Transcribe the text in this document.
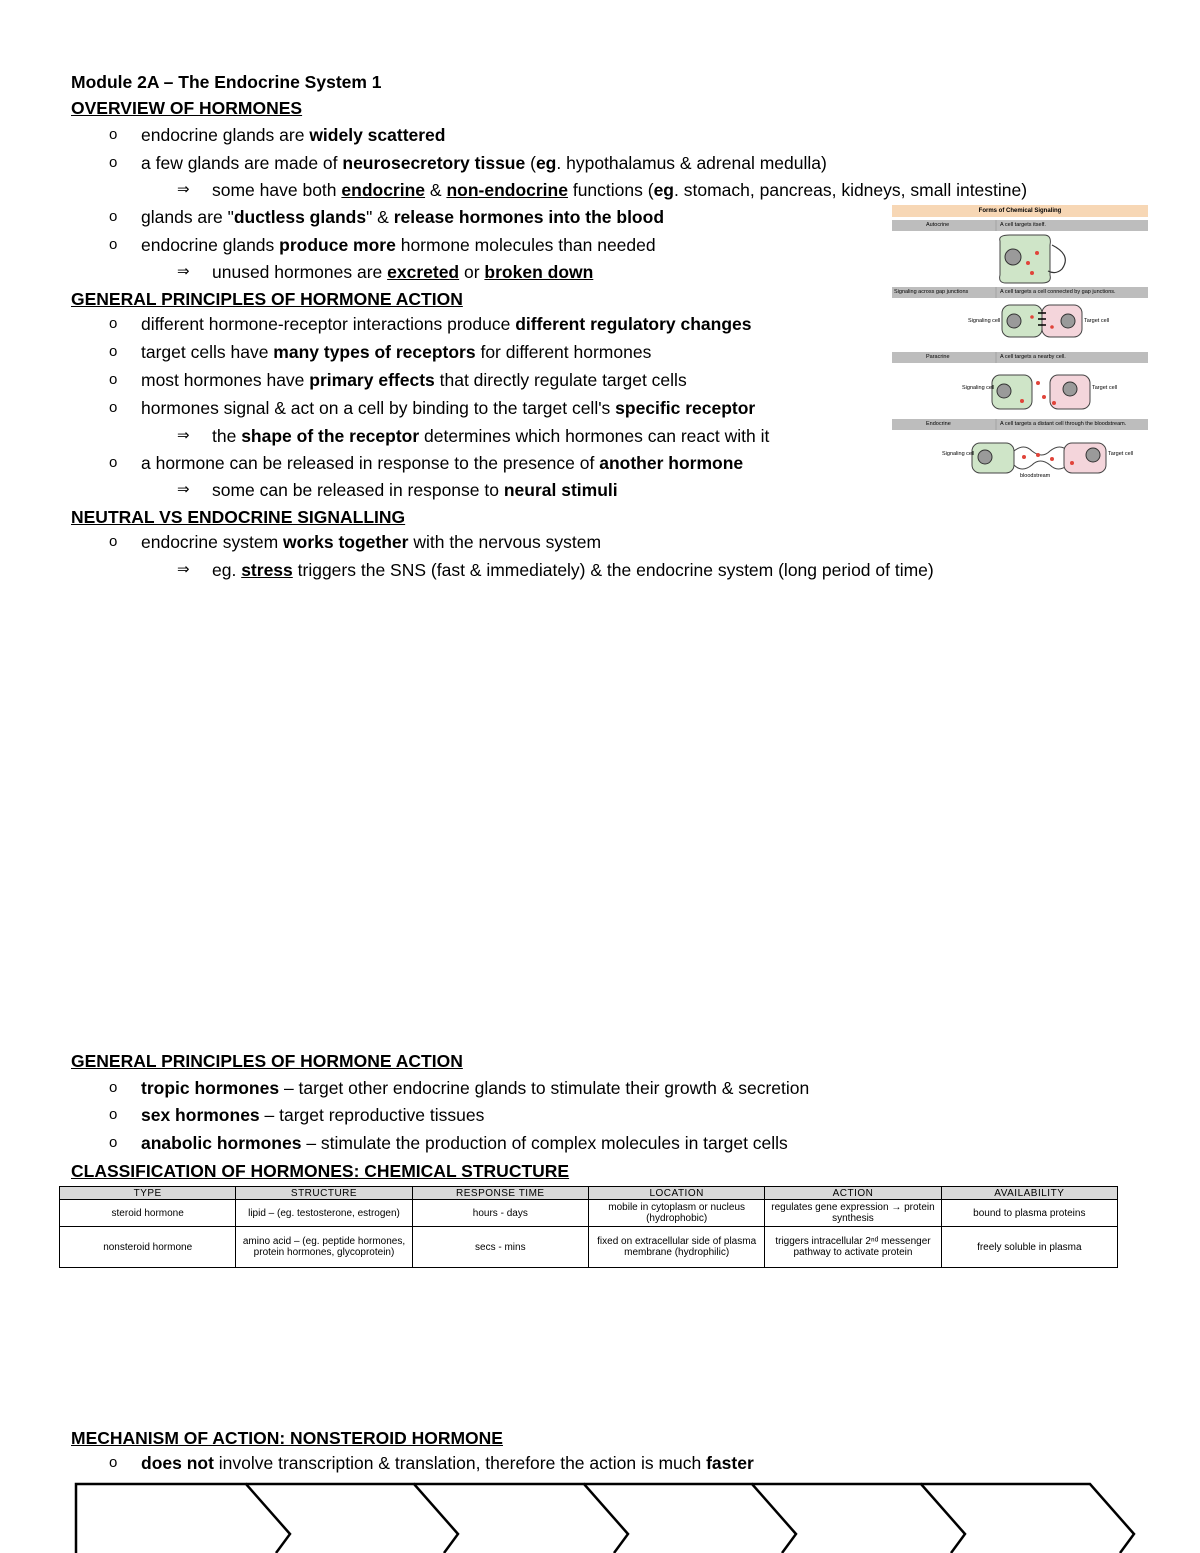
Module 2A – The Endocrine System 1
OVERVIEW OF HORMONES
o endocrine glands are widely scattered
o a few glands are made of neurosecretory tissue (eg. hypothalamus & adrenal medulla)
⇒ some have both endocrine & non-endocrine functions (eg. stomach, pancreas, kidneys, small intestine)
o glands are "ductless glands" & release hormones into the blood
o endocrine glands produce more hormone molecules than needed
⇒ unused hormones are excreted or broken down
GENERAL PRINCIPLES OF HORMONE ACTION
o different hormone-receptor interactions produce different regulatory changes
o target cells have many types of receptors for different hormones
o most hormones have primary effects that directly regulate target cells
o hormones signal & act on a cell by binding to the target cell's specific receptor
⇒ the shape of the receptor determines which hormones can react with it
o a hormone can be released in response to the presence of another hormone
⇒ some can be released in response to neural stimuli
NEUTRAL VS ENDOCRINE SIGNALLING
o endocrine system works together with the nervous system
⇒ eg. stress triggers the SNS (fast & immediately) & the endocrine system (long period of time)
Forms of Chemical Signaling
Autocrine	A cell targets itself.
Signaling across gap junctions	A cell targets a cell connected by gap junctions.
Paracrine	A cell targets a nearby cell.
Endocrine	A cell targets a distant cell through the bloodstream.
Signaling cell	Target cell
Signaling cell	Target cell
Signaling cell	Target cell
bloodstream
GENERAL PRINCIPLES OF HORMONE ACTION
o tropic hormones – target other endocrine glands to stimulate their growth & secretion
o sex hormones – target reproductive tissues
o anabolic hormones – stimulate the production of complex molecules in target cells
CLASSIFICATION OF HORMONES: CHEMICAL STRUCTURE
TYPE	STRUCTURE	RESPONSE TIME	LOCATION	ACTION	AVAILABILITY
steroid hormone	lipid – (eg. testosterone, estrogen)	hours - days	mobile in cytoplasm or nucleus (hydrophobic)	regulates gene expression → protein synthesis	bound to plasma proteins
nonsteroid hormone	amino acid – (eg. peptide hormones, protein hormones, glycoprotein)	secs - mins	fixed on extracellular side of plasma membrane (hydrophilic)	triggers intracellular 2ⁿᵈ messenger pathway to activate protein	freely soluble in plasma
MECHANISM OF ACTION: NONSTEROID HORMONE
o does not involve transcription & translation, therefore the action is much faster
